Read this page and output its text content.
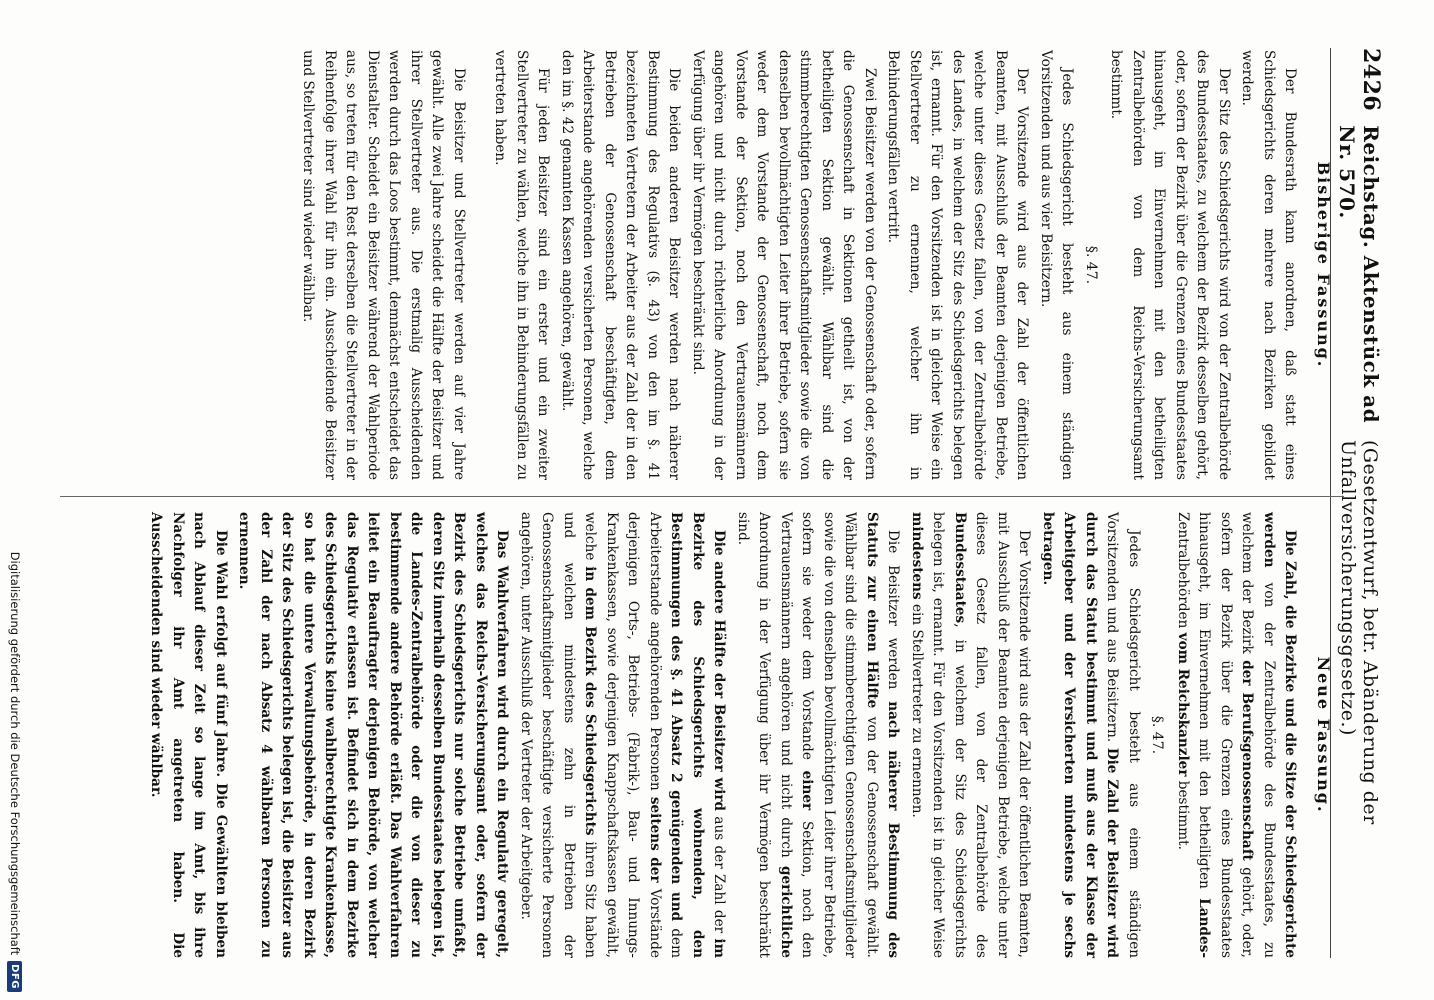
2426
Reichstag. Aktenstück ad Nr. 570.
(Gesetzentwurf, betr. Abänderung der Unfallversicherungsgesetze.)

Bisherige Fassung.

Der Bundesrath kann anordnen, daß statt eines Schiedsgerichts deren mehrere nach Bezirken gebildet werden.

Der Sitz des Schiedsgerichts wird von der Zentralbehörde des Bundesstaates, zu welchem der Bezirk desselben gehört, oder, sofern der Bezirk über die Grenzen eines Bundesstaates hinausgeht, im Einvernehmen mit den betheiligten Zentralbehörden von dem Reichs-Versicherungsamt bestimmt.

§. 47.

Jedes Schiedsgericht besteht aus einem ständigen Vorsitzenden und aus vier Beisitzern.

Der Vorsitzende wird aus der Zahl der öffentlichen Beamten, mit Ausschluß der Beamten derjenigen Betriebe, welche unter dieses Gesetz fallen, von der Zentralbehörde des Landes, in welchem der Sitz des Schiedsgerichts belegen ist, ernannt. Für den Vorsitzenden ist in gleicher Weise ein Stellvertreter zu ernennen, welcher ihn in Behinderungsfällen vertritt.

Zwei Beisitzer werden von der Genossenschaft oder, sofern die Genossenschaft in Sektionen getheilt ist, von der betheiligten Sektion gewählt. Wählbar sind die stimmberechtigten Genossenschaftsmitglieder sowie die von denselben bevollmächtigten Leiter ihrer Betriebe, sofern sie weder dem Vorstande der Genossenschaft, noch dem Vorstande der Sektion, noch den Vertrauensmännern angehören und nicht durch richterliche Anordnung in der Verfügung über ihr Vermögen beschränkt sind.

Die beiden anderen Beisitzer werden nach näherer Bestimmung des Regulativs (§. 43) von den im §. 41 bezeichneten Vertretern der Arbeiter aus der Zahl der in den Betrieben der Genossenschaft beschäftigten, dem Arbeiterstande angehörenden versicherten Personen, welche den im §. 42 genannten Kassen angehören, gewählt.

Für jeden Beisitzer sind ein erster und ein zweiter Stellvertreter zu wählen, welche ihn in Behinderungsfällen zu vertreten haben.

Die Beisitzer und Stellvertreter werden auf vier Jahre gewählt. Alle zwei Jahre scheidet die Hälfte der Beisitzer und ihrer Stellvertreter aus. Die erstmalig Ausscheidenden werden durch das Loos bestimmt, demnächst entscheidet das Dienstalter. Scheidet ein Beisitzer während der Wahlperiode aus, so treten für den Rest derselben die Stellvertreter in der Reihenfolge ihrer Wahl für ihn ein. Ausscheidende Beisitzer und Stellvertreter sind wieder wählbar.

Neue Fassung.

Die Zahl, die Bezirke und die Sitze der Schiedsgerichte werden von der Zentralbehörde des Bundesstaates, zu welchem der Bezirk der Berufsgenossenschaft gehört, oder, sofern der Bezirk über die Grenzen eines Bundesstaates hinausgeht, im Einvernehmen mit den betheiligten Landes-Zentralbehörden vom Reichskanzler bestimmt.

§. 47.

Jedes Schiedsgericht besteht aus einem ständigen Vorsitzenden und aus Beisitzern. Die Zahl der Beisitzer wird durch das Statut bestimmt und muß aus der Klasse der Arbeitgeber und der Versicherten mindestens je sechs betragen.

Der Vorsitzende wird aus der Zahl der öffentlichen Beamten, mit Ausschluß der Beamten derjenigen Betriebe, welche unter dieses Gesetz fallen, von der Zentralbehörde des Bundesstaates, in welchem der Sitz des Schiedsgerichts belegen ist, ernannt. Für den Vorsitzenden ist in gleicher Weise mindestens ein Stellvertreter zu ernennen.

Die Beisitzer werden nach näherer Bestimmung des Statuts zur einen Hälfte von der Genossenschaft gewählt. Wählbar sind die stimmberechtigten Genossenschaftsmitglieder sowie die von denselben bevollmächtigten Leiter ihrer Betriebe, sofern sie weder dem Vorstande einer Sektion, noch den Vertrauensmännern angehören und nicht durch gerichtliche Anordnung in der Verfügung über ihr Vermögen beschränkt sind.

Die andere Hälfte der Beisitzer wird aus der Zahl der im Bezirke des Schiedsgerichts wohnenden, den Bestimmungen des §. 41 Absatz 2 genügenden und dem Arbeiterstande angehörenden Personen seitens der Vorstände derjenigen Orts-, Betriebs- (Fabrik-), Bau- und Innungs-Krankenkassen, sowie derjenigen Knappschaftskassen gewählt, welche in dem Bezirk des Schiedsgerichts ihren Sitz haben und welchen mindestens zehn in Betrieben der Genossenschaftsmitglieder beschäftigte versicherte Personen angehören, unter Ausschluß der Vertreter der Arbeitgeber.

Das Wahlverfahren wird durch ein Regulativ geregelt, welches das Reichs-Versicherungsamt oder, sofern der Bezirk des Schiedsgerichts nur solche Betriebe umfaßt, deren Sitz innerhalb desselben Bundesstaates belegen ist, die Landes-Zentralbehörde oder die von dieser zu bestimmende andere Behörde erläßt. Das Wahlverfahren leitet ein Beauftragter derjenigen Behörde, von welcher das Regulativ erlassen ist. Befindet sich in dem Bezirke des Schiedsgerichts keine wahlberechtigte Krankenkasse, so hat die untere Verwaltungsbehörde, in deren Bezirk der Sitz des Schiedsgerichts belegen ist, die Beisitzer aus der Zahl der nach Absatz 4 wählbaren Personen zu ernennen.

Die Wahl erfolgt auf fünf Jahre. Die Gewählten bleiben nach Ablauf dieser Zeit so lange im Amt, bis ihre Nachfolger ihr Amt angetreten haben. Die Ausscheidenden sind wieder wählbar.

Digitalisierung gefördert durch die Deutsche Forschungsgemeinschaft
DFG
